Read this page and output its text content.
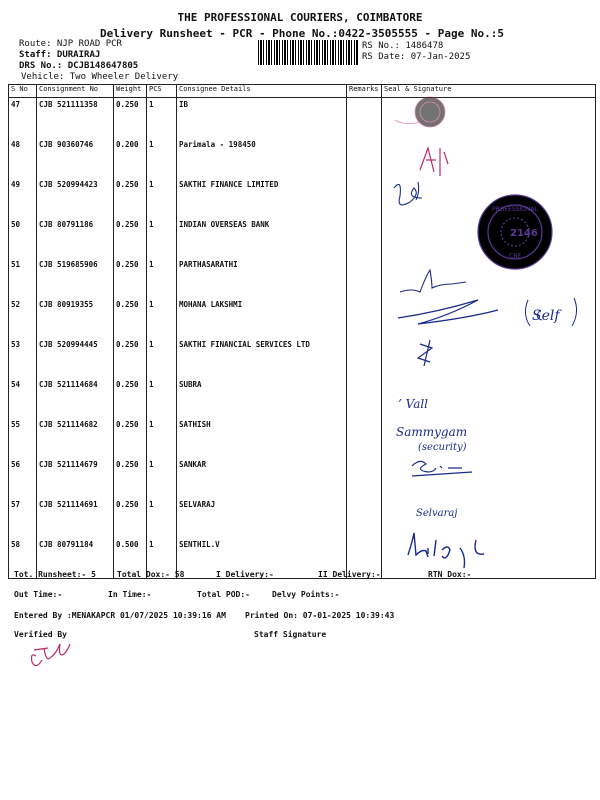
THE PROFESSIONAL COURIERS, COIMBATORE
Delivery Runsheet - PCR - Phone No.:0422-3505555 - Page No.:5
Route: NJP ROAD PCR
Staff: DURAIRAJ
DRS No.: DCJB148647805
Vehicle: Two Wheeler Delivery
RS No.: 1486478
RS Date: 07-Jan-2025
S No	Consignment No	Weight	PCS	Consignee Details	Remarks	Seal & Signature
47	CJB 521111358	0.250	1	IB		
48	CJB 90360746	0.200	1	Parimala - 198450		
49	CJB 520994423	0.250	1	SAKTHI FINANCE LIMITED		
50	CJB 80791186	0.250	1	INDIAN OVERSEAS BANK		
51	CJB 519685906	0.250	1	PARTHASARATHI		
52	CJB 80919355	0.250	1	MOHANA LAKSHMI		
53	CJB 520994445	0.250	1	SAKTHI FINANCIAL SERVICES LTD		
54	CJB 521114684	0.250	1	SUBRA		
55	CJB 521114682	0.250	1	SATHISH		
56	CJB 521114679	0.250	1	SANKAR		
57	CJB 521114691	0.250	1	SELVARAJ		
58	CJB 80791184	0.500	1	SENTHIL.V		
PROFESSIONAL
2146
CBE
Self
’ Vall
Sammygam
(security)
Selvaraj
Tot. Runsheet:- 5	Total Dox:- 58	I Delivery:-	II Delivery:-	RTN Dox:-
Out Time:-	In Time:-	Total POD:-	Delvy Points:-
Entered By :MENAKAPCR 01/07/2025 10:39:16 AM Printed On: 07-01-2025 10:39:43
Verified By	Staff Signature
